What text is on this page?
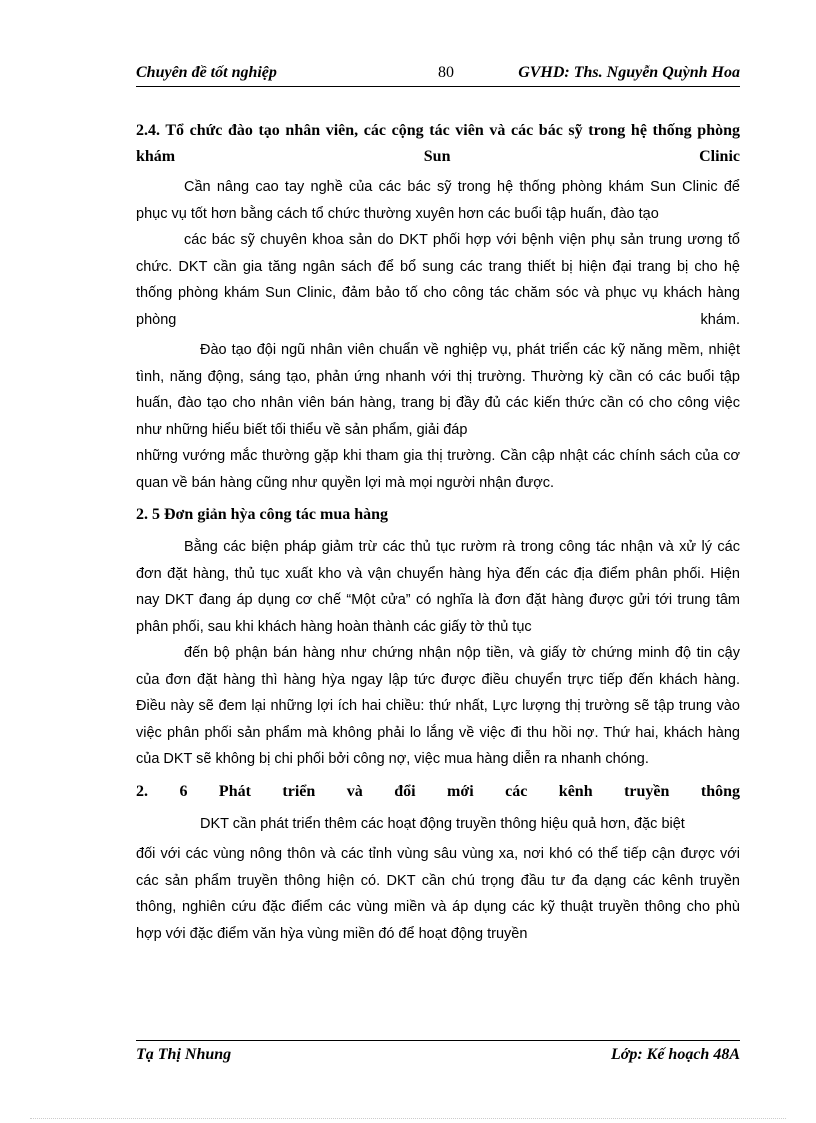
Chuyên đề tốt nghiệp	80	GVHD: Ths. Nguyễn Quỳnh Hoa
2.4. Tổ chức đào tạo nhân viên, các cộng tác viên và các bác sỹ trong hệ thống phòng khám Sun Clinic

Cần nâng cao tay nghề của các bác sỹ trong hệ thống phòng khám Sun Clinic để phục vụ tốt hơn bằng cách tổ chức thường xuyên hơn các buổi tập huấn, đào tạo

các bác sỹ chuyên khoa sản do DKT phối hợp với bệnh viện phụ sản trung ương tổ chức. DKT cần gia tăng ngân sách để bổ sung các trang thiết bị hiện đại trang bị cho hệ thống phòng khám Sun Clinic, đảm bảo tố cho công tác chăm sóc và phục vụ khách hàng phòng khám.

Đào tạo đội ngũ nhân viên chuẩn về nghiệp vụ, phát triển các kỹ năng mềm, nhiệt tình, năng động, sáng tạo, phản ứng nhanh với thị trường. Thường kỳ cần có các buổi tập huấn, đào tạo cho nhân viên bán hàng, trang bị đầy đủ các kiến thức cần có cho công việc như những hiểu biết tối thiểu về sản phẩm, giải đáp

những vướng mắc thường gặp khi tham gia thị trường. Cần cập nhật các chính sách của cơ quan về bán hàng cũng như quyền lợi mà mọi người nhận được.

2. 5 Đơn giản hỳa công tác mua hàng

Bằng các biện pháp giảm trừ các thủ tục rườm rà trong công tác nhận và xử lý các đơn đặt hàng, thủ tục xuất kho và vận chuyển hàng hỳa đến các địa điểm phân phối. Hiện nay DKT đang áp dụng cơ chế “Một cửa” có nghĩa là đơn đặt hàng được gửi tới trung tâm phân phối, sau khi khách hàng hoàn thành các giấy tờ thủ tục

đến bộ phận bán hàng như chứng nhận nộp tiền, và giấy tờ chứng minh độ tin cậy của đơn đặt hàng thì hàng hỳa ngay lập tức được điều chuyển trực tiếp đến khách hàng. Điều này sẽ đem lại những lợi ích hai chiều: thứ nhất, Lực lượng thị trường sẽ tập trung vào việc phân phối sản phẩm mà không phải lo lắng về việc đi thu hồi nợ. Thứ hai, khách hàng của DKT sẽ không bị chi phối bởi công nợ, việc mua hàng diễn ra nhanh chóng.

2.   6   Phát   triển   và   đổi   mới   các   kênh   truyền   thông

DKT cần phát triển thêm các hoạt động truyền thông hiệu quả hơn, đặc biệt

đối với các vùng nông thôn và các tỉnh vùng sâu vùng xa, nơi khó có thể tiếp cận được với các sản phẩm truyền thông hiện có. DKT cần chú trọng đầu tư đa dạng các kênh truyền thông, nghiên cứu đặc điểm các vùng miền và áp dụng các kỹ thuật truyền thông cho phù hợp với đặc điểm văn hỳa vùng miền đó để hoạt động truyền

Tạ Thị Nhung	Lớp: Kế hoạch 48A
